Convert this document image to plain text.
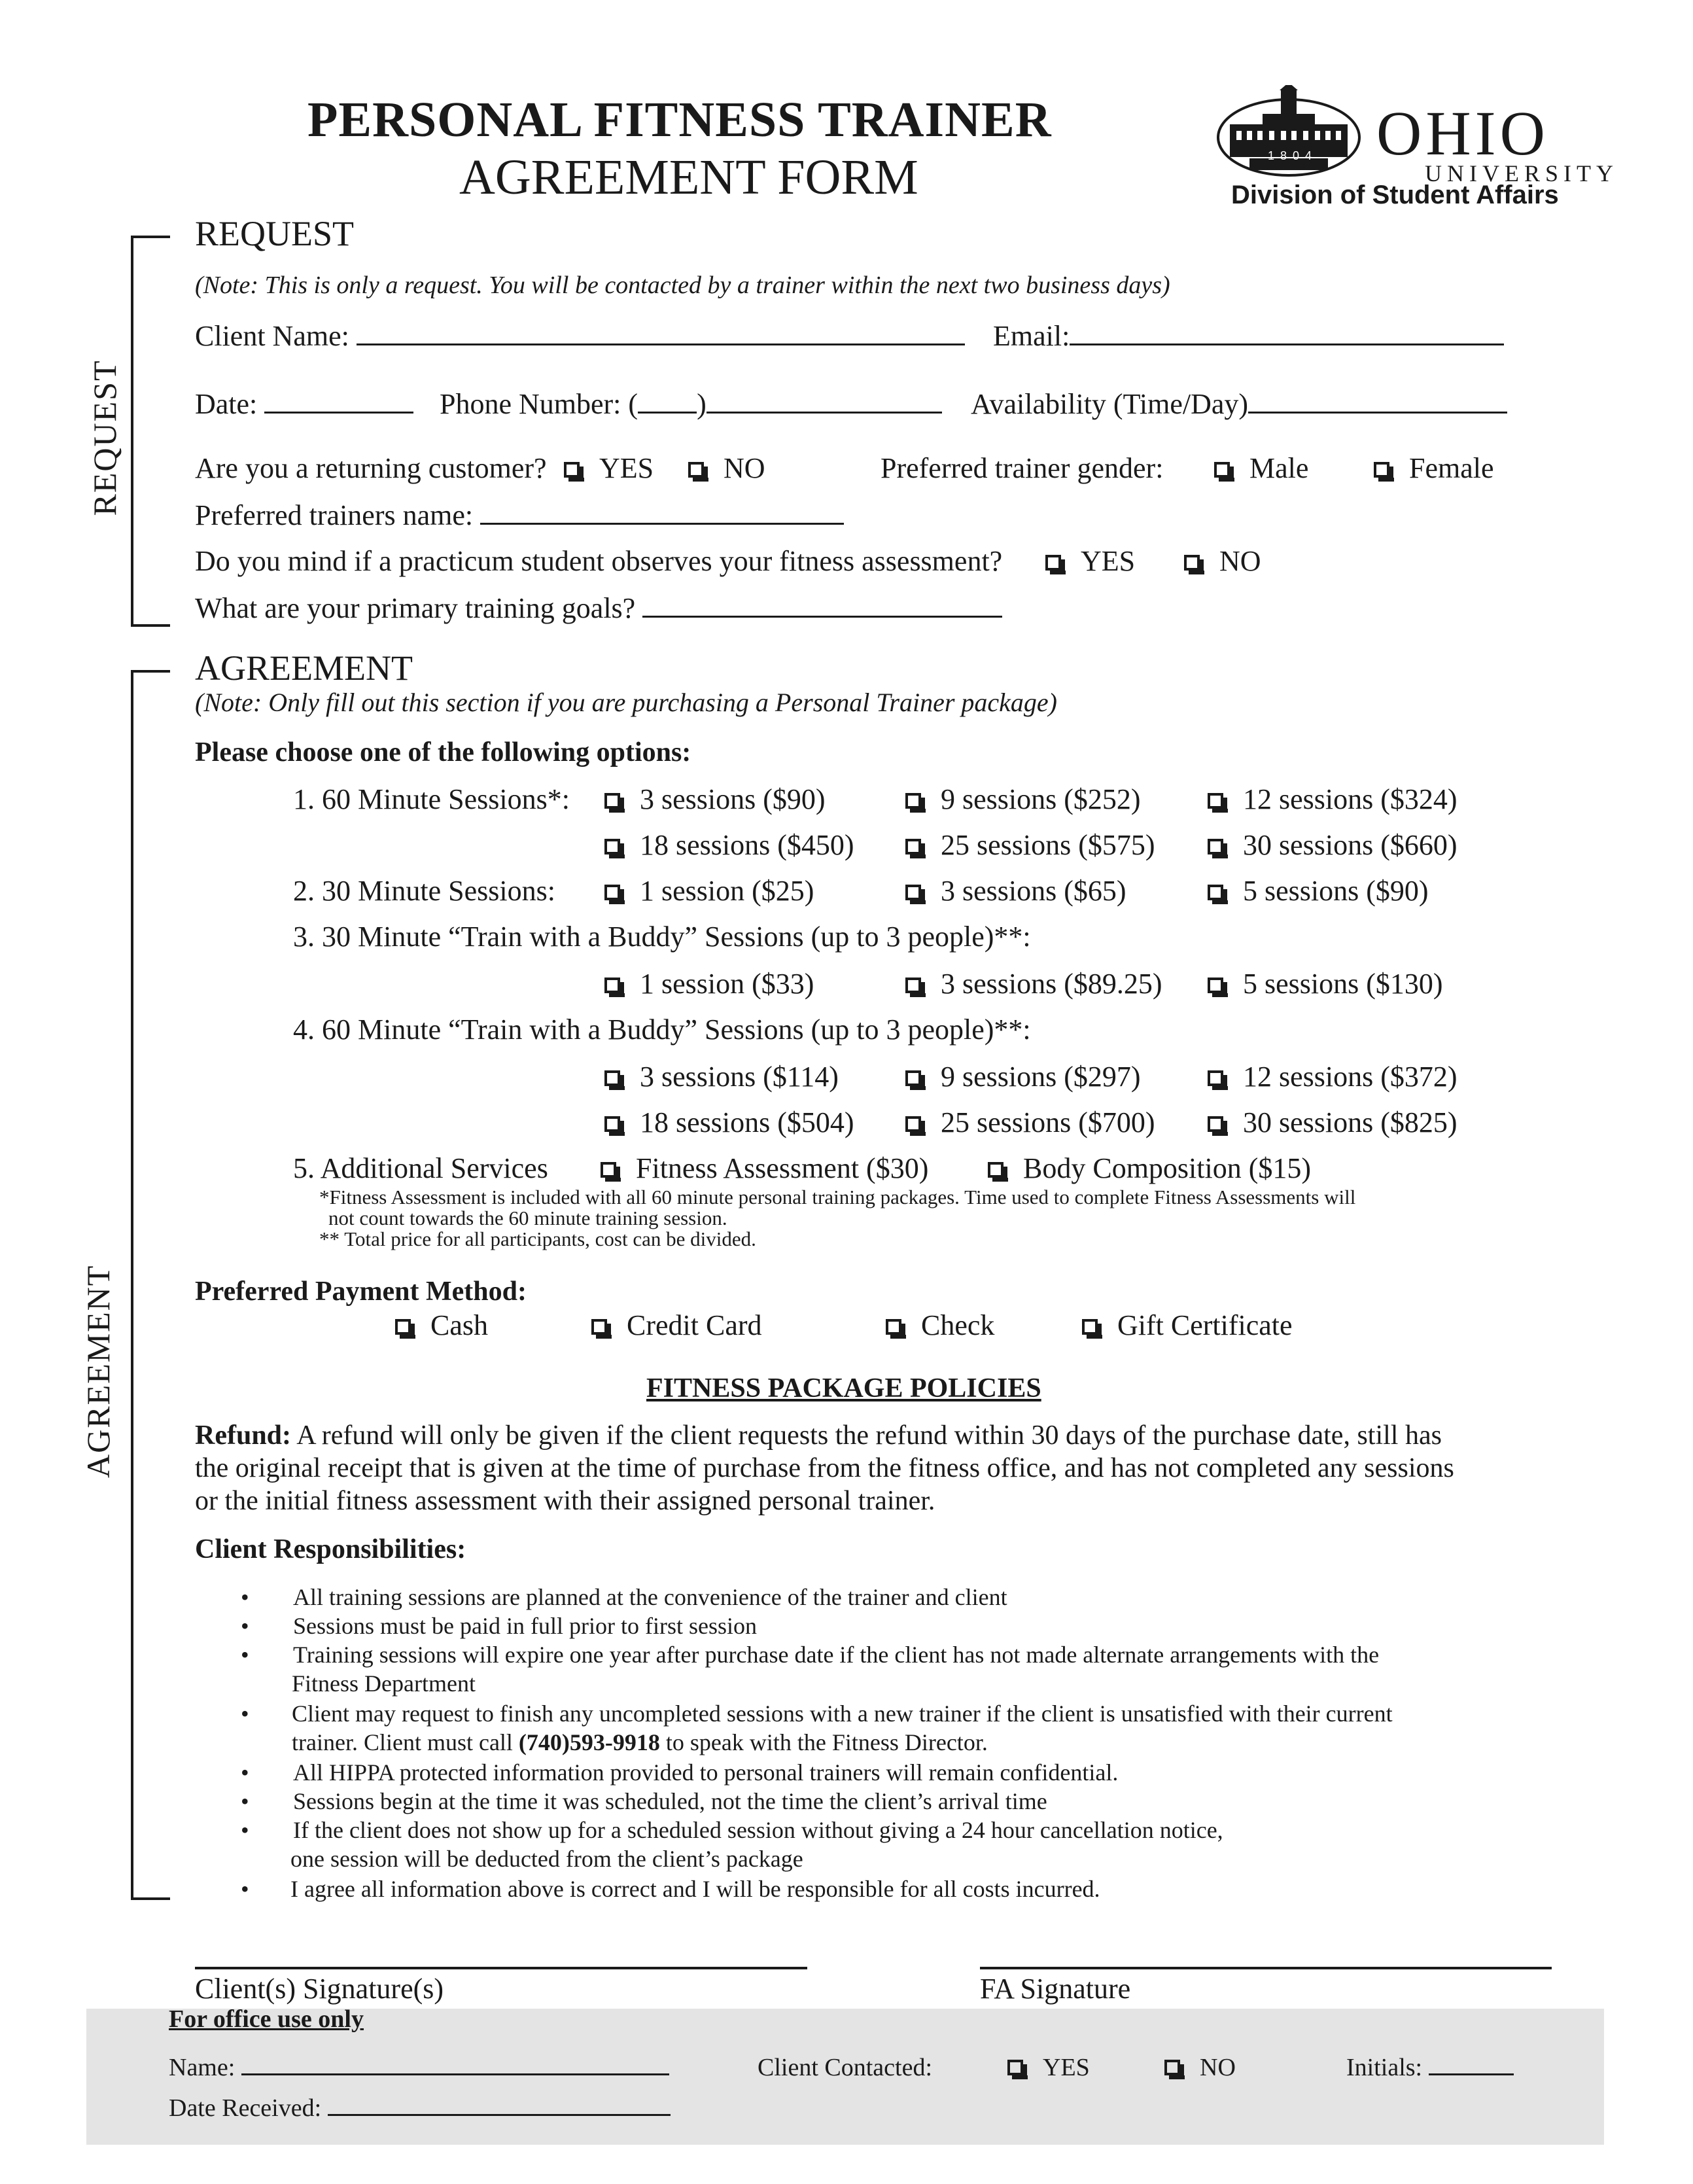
PERSONAL FITNESS TRAINER
AGREEMENT FORM	1 8 0 4 OHIO
UNIVERSITY
Division of Student Affairs
REQUEST
REQUEST
(Note: This is only a request. You will be contacted by a trainer within the next two business days)
Client Name:	Email:
Date:	Phone Number: ( )	Availability (Time/Day)
Are you a returning customer?	YES	NO	Preferred trainer gender:	Male	Female
Preferred trainers name:
Do you mind if a practicum student observes your fitness assessment?	YES	NO
What are your primary training goals?
AGREEMENT
AGREEMENT
(Note: Only fill out this section if you are purchasing a Personal Trainer package)
Please choose one of the following options:
1. 60 Minute Sessions*:	3 sessions ($90)	9 sessions ($252)	12 sessions ($324)
18 sessions ($450)	25 sessions ($575)	30 sessions ($660)
2. 30 Minute Sessions:	1 session ($25)	3 sessions ($65)	5 sessions ($90)
3. 30 Minute “Train with a Buddy” Sessions (up to 3 people)**:
1 session ($33)	3 sessions ($89.25)	5 sessions ($130)
4. 60 Minute “Train with a Buddy” Sessions (up to 3 people)**:
3 sessions ($114)	9 sessions ($297)	12 sessions ($372)
18 sessions ($504)	25 sessions ($700)	30 sessions ($825)
5. Additional Services	Fitness Assessment ($30)	Body Composition ($15)
*Fitness Assessment is included with all 60 minute personal training packages. Time used to complete Fitness Assessments will
not count towards the 60 minute training session.
** Total price for all participants, cost can be divided.
Preferred Payment Method:
Cash	Credit Card	Check	Gift Certificate
FITNESS PACKAGE POLICIES
Refund: A refund will only be given if the client requests the refund within 30 days of the purchase date, still has
the original receipt that is given at the time of purchase from the fitness office, and has not completed any sessions
or the initial fitness assessment with their assigned personal trainer.
Client Responsibilities:
• All training sessions are planned at the convenience of the trainer and client
• Sessions must be paid in full prior to first session
• Training sessions will expire one year after purchase date if the client has not made alternate arrangements with the
Fitness Department
• Client may request to finish any uncompleted sessions with a new trainer if the client is unsatisfied with their current
trainer. Client must call (740)593-9918 to speak with the Fitness Director.
• All HIPPA protected information provided to personal trainers will remain confidential.
• Sessions begin at the time it was scheduled, not the time the client’s arrival time
• If the client does not show up for a scheduled session without giving a 24 hour cancellation notice,
one session will be deducted from the client’s package
• I agree all information above is correct and I will be responsible for all costs incurred.
Client(s) Signature(s)	FA Signature
For office use only
Name:	Client Contacted:	YES	NO	Initials:
Date Received:
